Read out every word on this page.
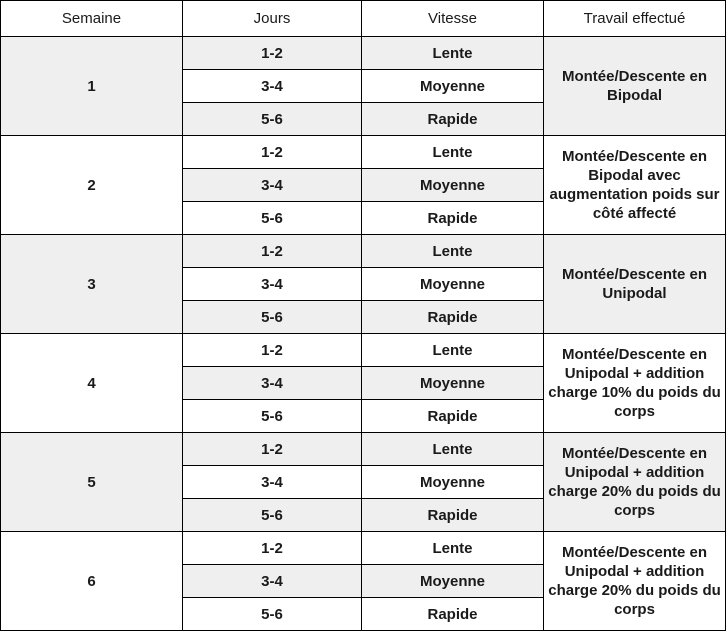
Semaine	Jours	Vitesse	Travail effectué
1	1-2	Lente	Montée/Descente en Bipodal
	3-4	Moyenne	
	5-6	Rapide	
2	1-2	Lente	Montée/Descente en Bipodal avec augmentation poids sur côté affecté
	3-4	Moyenne	
	5-6	Rapide	
3	1-2	Lente	Montée/Descente en Unipodal
	3-4	Moyenne	
	5-6	Rapide	
4	1-2	Lente	Montée/Descente en Unipodal + addition charge 10% du poids du corps
	3-4	Moyenne	
	5-6	Rapide	
5	1-2	Lente	Montée/Descente en Unipodal + addition charge 20% du poids du corps
	3-4	Moyenne	
	5-6	Rapide	
6	1-2	Lente	Montée/Descente en Unipodal + addition charge 20% du poids du corps
	3-4	Moyenne	
	5-6	Rapide	
